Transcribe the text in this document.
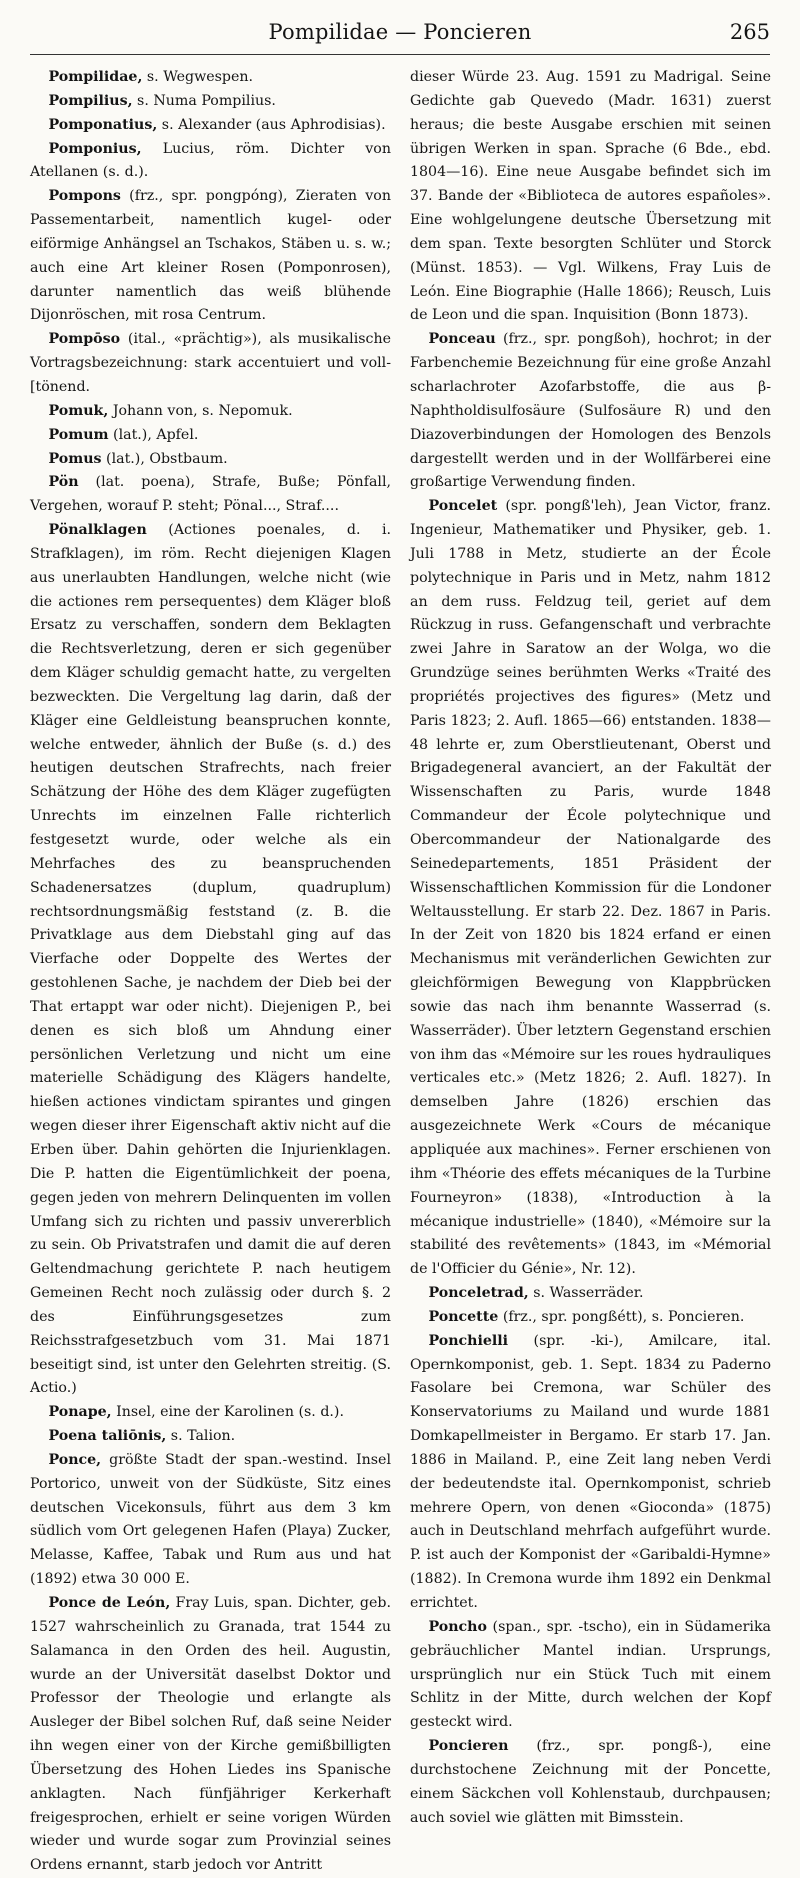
Pompilidae — Poncieren	265

Pompilidae, s. Wegwespen.

Pompilius, s. Numa Pompilius.

Pomponatius, s. Alexander (aus Aphrodisias).

Pomponius, Lucius, röm. Dichter von Atellanen (s. d.).

Pompons (frz., spr. pongpóng), Zieraten von Passementarbeit, namentlich kugel- oder eiförmige Anhängsel an Tschakos, Stäben u. s. w.; auch eine Art kleiner Rosen (Pomponrosen), darunter namentlich das weiß blühende Dijonröschen, mit rosa Centrum.

Pompōso (ital., «prächtig»), als musikalische Vortragsbezeichnung: stark accentuiert und voll- [tönend.

Pomuk, Johann von, s. Nepomuk.

Pomum (lat.), Apfel.

Pomus (lat.), Obstbaum.

Pön (lat. poena), Strafe, Buße; Pönfall, Vergehen, worauf P. steht; Pönal..., Straf....

Pönalklagen (Actiones poenales, d. i. Strafklagen), im röm. Recht diejenigen Klagen aus unerlaubten Handlungen, welche nicht (wie die actiones rem persequentes) dem Kläger bloß Ersatz zu verschaffen, sondern dem Beklagten die Rechtsverletzung, deren er sich gegenüber dem Kläger schuldig gemacht hatte, zu vergelten bezweckten. Die Vergeltung lag darin, daß der Kläger eine Geldleistung beanspruchen konnte, welche entweder, ähnlich der Buße (s. d.) des heutigen deutschen Strafrechts, nach freier Schätzung der Höhe des dem Kläger zugefügten Unrechts im einzelnen Falle richterlich festgesetzt wurde, oder welche als ein Mehrfaches des zu beanspruchenden Schadenersatzes (duplum, quadruplum) rechtsordnungsmäßig feststand (z. B. die Privatklage aus dem Diebstahl ging auf das Vierfache oder Doppelte des Wertes der gestohlenen Sache, je nachdem der Dieb bei der That ertappt war oder nicht). Diejenigen P., bei denen es sich bloß um Ahndung einer persönlichen Verletzung und nicht um eine materielle Schädigung des Klägers handelte, hießen actiones vindictam spirantes und gingen wegen dieser ihrer Eigenschaft aktiv nicht auf die Erben über. Dahin gehörten die Injurienklagen. Die P. hatten die Eigentümlichkeit der poena, gegen jeden von mehrern Delinquenten im vollen Umfang sich zu richten und passiv unvererblich zu sein. Ob Privatstrafen und damit die auf deren Geltendmachung gerichtete P. nach heutigem Gemeinen Recht noch zulässig oder durch §. 2 des Einführungsgesetzes zum Reichsstrafgesetzbuch vom 31. Mai 1871 beseitigt sind, ist unter den Gelehrten streitig. (S. Actio.)

Ponape, Insel, eine der Karolinen (s. d.).

Poena taliōnis, s. Talion.

Ponce, größte Stadt der span.-westind. Insel Portorico, unweit von der Südküste, Sitz eines deutschen Vicekonsuls, führt aus dem 3 km südlich vom Ort gelegenen Hafen (Playa) Zucker, Melasse, Kaffee, Tabak und Rum aus und hat (1892) etwa 30 000 E.

Ponce de León, Fray Luis, span. Dichter, geb. 1527 wahrscheinlich zu Granada, trat 1544 zu Salamanca in den Orden des heil. Augustin, wurde an der Universität daselbst Doktor und Professor der Theologie und erlangte als Ausleger der Bibel solchen Ruf, daß seine Neider ihn wegen einer von der Kirche gemißbilligten Übersetzung des Hohen Liedes ins Spanische anklagten. Nach fünfjähriger Kerkerhaft freigesprochen, erhielt er seine vorigen Würden wieder und wurde sogar zum Provinzial seines Ordens ernannt, starb jedoch vor Antritt

dieser Würde 23. Aug. 1591 zu Madrigal. Seine Gedichte gab Quevedo (Madr. 1631) zuerst heraus; die beste Ausgabe erschien mit seinen übrigen Werken in span. Sprache (6 Bde., ebd. 1804—16). Eine neue Ausgabe befindet sich im 37. Bande der «Biblioteca de autores españoles». Eine wohlgelungene deutsche Übersetzung mit dem span. Texte besorgten Schlüter und Storck (Münst. 1853). — Vgl. Wilkens, Fray Luis de León. Eine Biographie (Halle 1866); Reusch, Luis de Leon und die span. Inquisition (Bonn 1873).

Ponceau (frz., spr. pongßoh), hochrot; in der Farbenchemie Bezeichnung für eine große Anzahl scharlachroter Azofarbstoffe, die aus β-Naphtholdisulfosäure (Sulfosäure R) und den Diazoverbindungen der Homologen des Benzols dargestellt werden und in der Wollfärberei eine großartige Verwendung finden.

Poncelet (spr. pongß'leh), Jean Victor, franz. Ingenieur, Mathematiker und Physiker, geb. 1. Juli 1788 in Metz, studierte an der École polytechnique in Paris und in Metz, nahm 1812 an dem russ. Feldzug teil, geriet auf dem Rückzug in russ. Gefangenschaft und verbrachte zwei Jahre in Saratow an der Wolga, wo die Grundzüge seines berühmten Werks «Traité des propriétés projectives des figures» (Metz und Paris 1823; 2. Aufl. 1865—66) entstanden. 1838—48 lehrte er, zum Oberstlieutenant, Oberst und Brigadegeneral avanciert, an der Fakultät der Wissenschaften zu Paris, wurde 1848 Commandeur der École polytechnique und Obercommandeur der Nationalgarde des Seinedepartements, 1851 Präsident der Wissenschaftlichen Kommission für die Londoner Weltausstellung. Er starb 22. Dez. 1867 in Paris. In der Zeit von 1820 bis 1824 erfand er einen Mechanismus mit veränderlichen Gewichten zur gleichförmigen Bewegung von Klappbrücken sowie das nach ihm benannte Wasserrad (s. Wasserräder). Über letztern Gegenstand erschien von ihm das «Mémoire sur les roues hydrauliques verticales etc.» (Metz 1826; 2. Aufl. 1827). In demselben Jahre (1826) erschien das ausgezeichnete Werk «Cours de mécanique appliquée aux machines». Ferner erschienen von ihm «Théorie des effets mécaniques de la Turbine Fourneyron» (1838), «Introduction à la mécanique industrielle» (1840), «Mémoire sur la stabilité des revêtements» (1843, im «Mémorial de l'Officier du Génie», Nr. 12).

Ponceletrad, s. Wasserräder.

Poncette (frz., spr. pongßétt), s. Poncieren.

Ponchielli (spr. -ki-), Amilcare, ital. Opernkomponist, geb. 1. Sept. 1834 zu Paderno Fasolare bei Cremona, war Schüler des Konservatoriums zu Mailand und wurde 1881 Domkapellmeister in Bergamo. Er starb 17. Jan. 1886 in Mailand. P., eine Zeit lang neben Verdi der bedeutendste ital. Opernkomponist, schrieb mehrere Opern, von denen «Gioconda» (1875) auch in Deutschland mehrfach aufgeführt wurde. P. ist auch der Komponist der «Garibaldi-Hymne» (1882). In Cremona wurde ihm 1892 ein Denkmal errichtet.

Poncho (span., spr. -tscho), ein in Südamerika gebräuchlicher Mantel indian. Ursprungs, ursprünglich nur ein Stück Tuch mit einem Schlitz in der Mitte, durch welchen der Kopf gesteckt wird.

Poncieren (frz., spr. pongß-), eine durchstochene Zeichnung mit der Poncette, einem Säckchen voll Kohlenstaub, durchpausen; auch soviel wie glätten mit Bimsstein.
